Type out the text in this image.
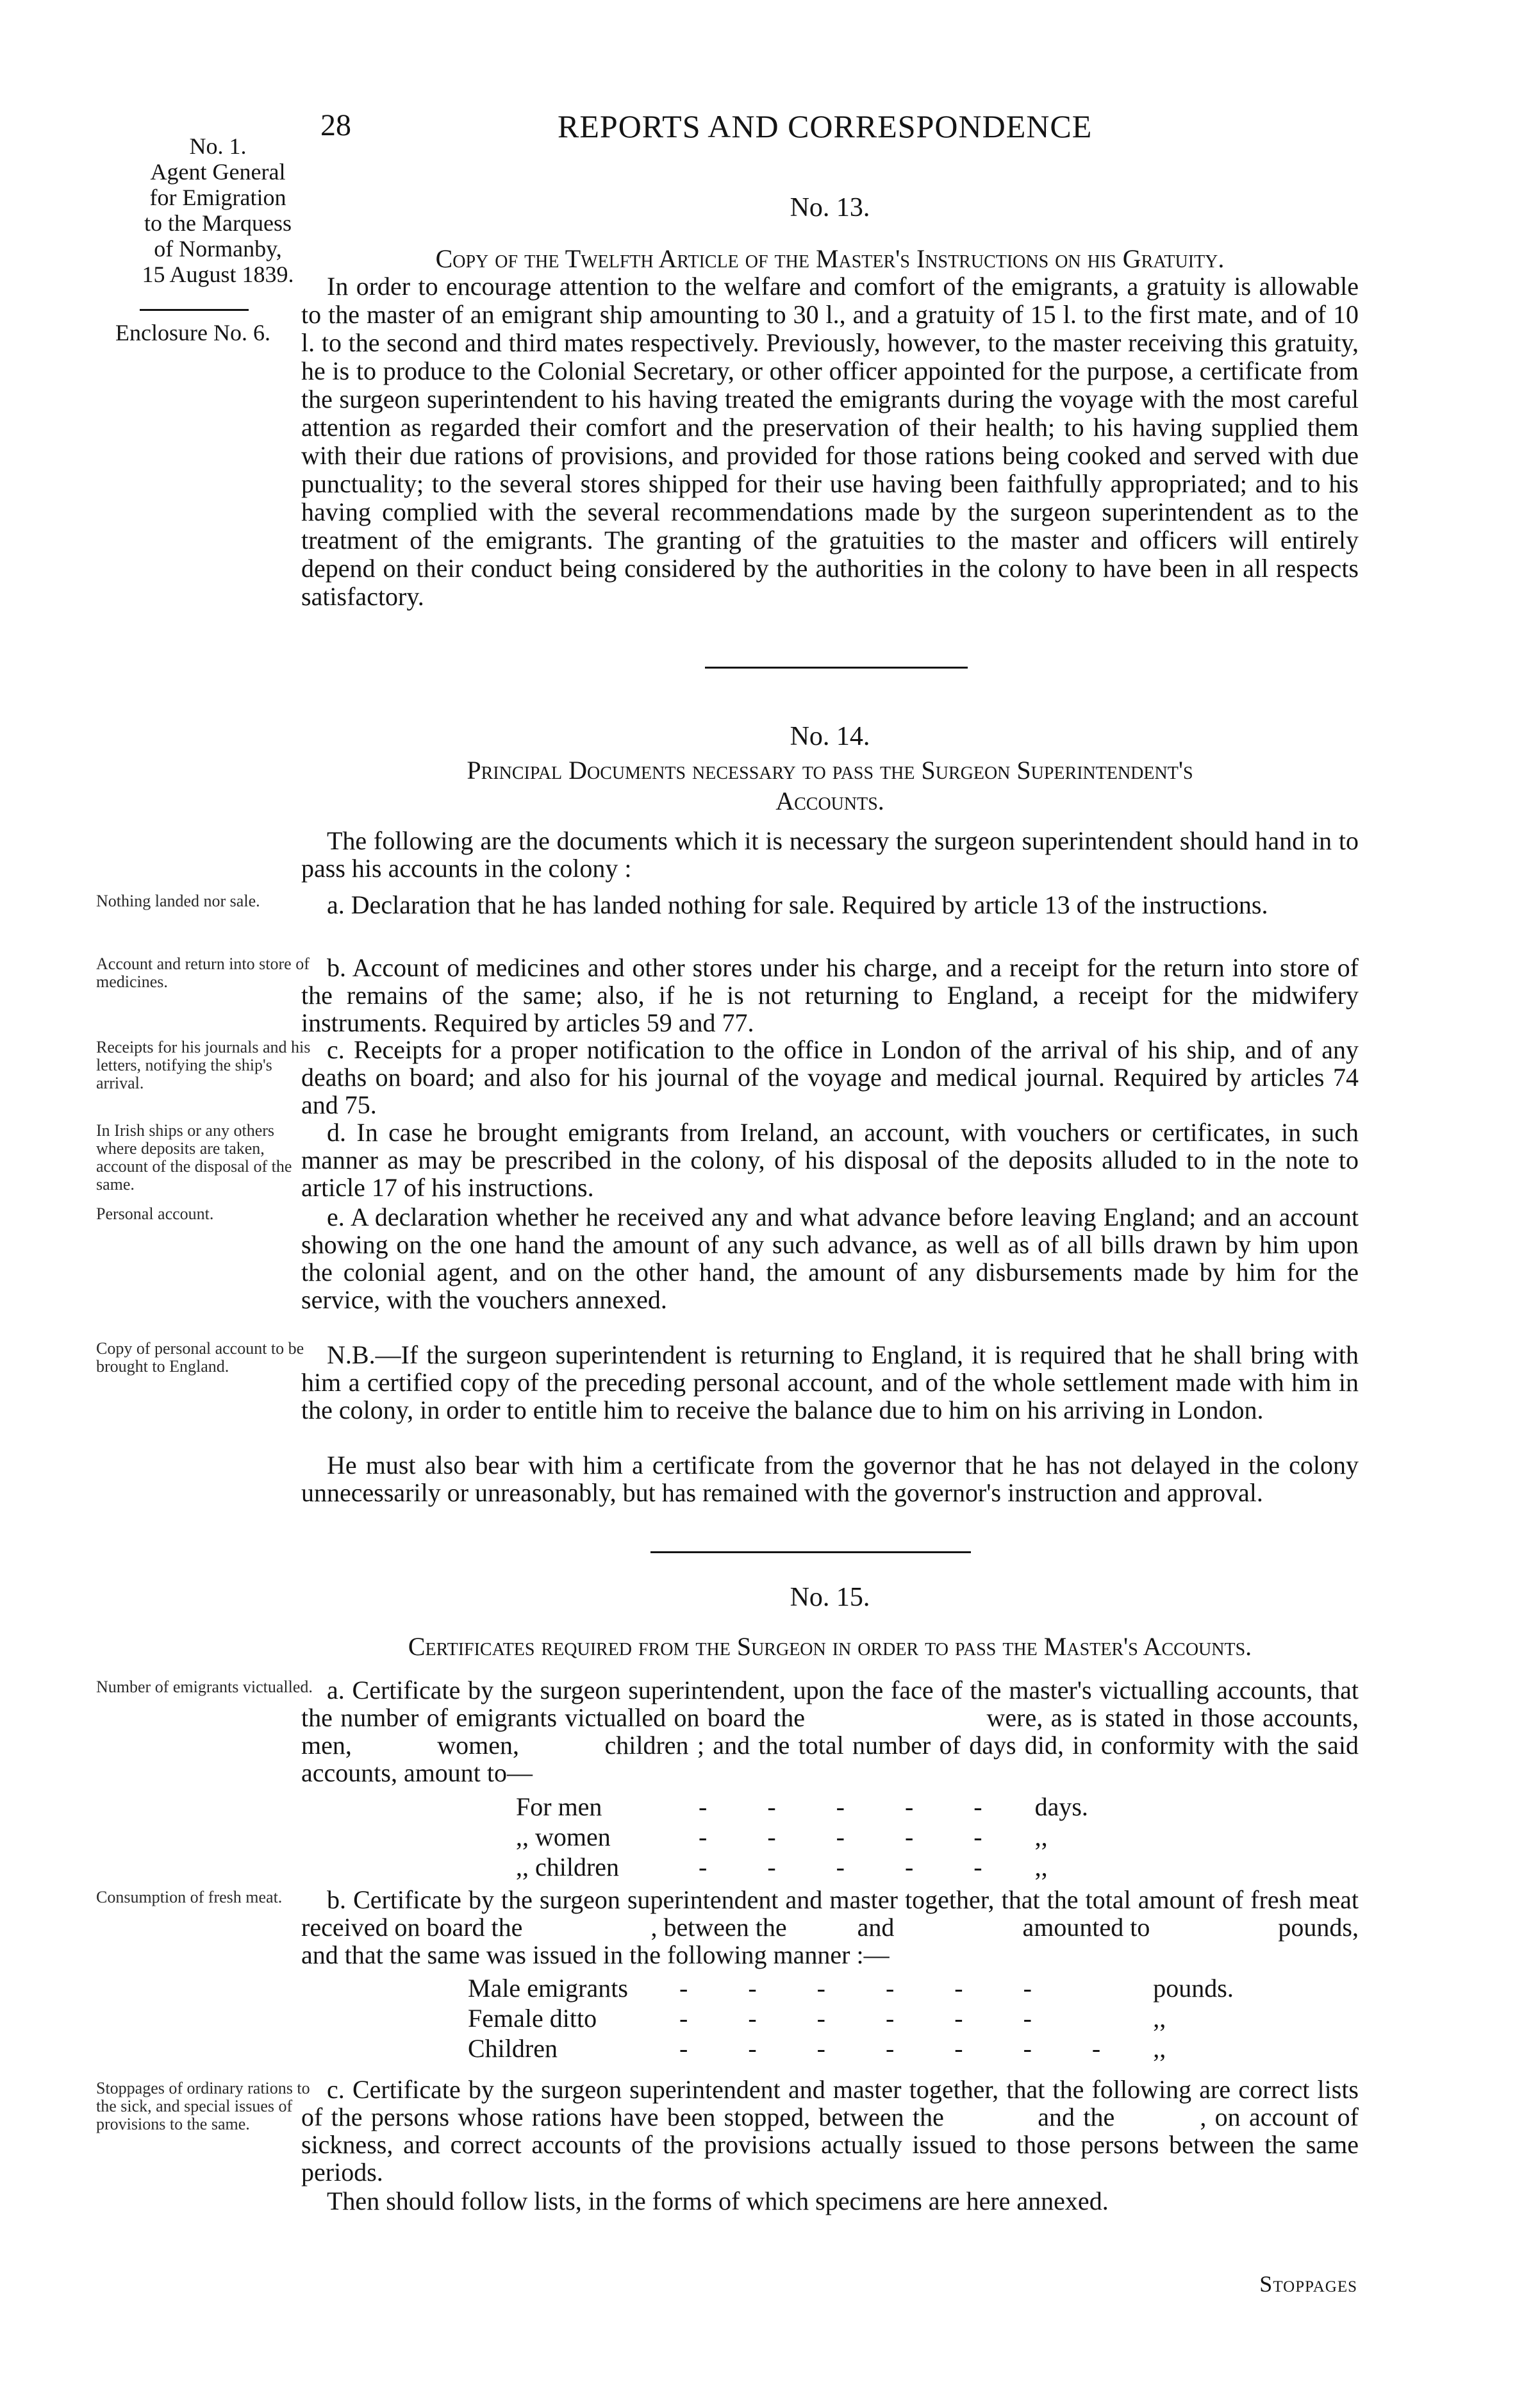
28	REPORTS AND CORRESPONDENCE
No. 1.
Agent General
for Emigration
to the Marquess
of Normanby,
15 August 1839.
Enclosure No. 6.
No. 13.
Copy of the Twelfth Article of the Master's Instructions on his Gratuity.

In order to encourage attention to the welfare and comfort of the emigrants, a gratuity is allowable to the master of an emigrant ship amounting to 30 l., and a gratuity of 15 l. to the first mate, and of 10 l. to the second and third mates respectively. Previously, however, to the master receiving this gratuity, he is to produce to the Colonial Secretary, or other officer appointed for the purpose, a certificate from the surgeon superintendent to his having treated the emigrants during the voyage with the most careful attention as regarded their comfort and the preservation of their health; to his having supplied them with their due rations of provisions, and provided for those rations being cooked and served with due punctuality; to the several stores shipped for their use having been faithfully appropriated; and to his having complied with the several recommendations made by the surgeon superintendent as to the treatment of the emigrants. The granting of the gratuities to the master and officers will entirely depend on their conduct being considered by the authorities in the colony to have been in all respects satisfactory.

No. 14.
Principal Documents necessary to pass the Surgeon Superintendent's
Accounts.

The following are the documents which it is necessary the surgeon superintendent should hand in to pass his accounts in the colony :

Nothing landed nor sale.	a. Declaration that he has landed nothing for sale. Required by article 13 of the instructions.

Account and return into store of medicines.	b. Account of medicines and other stores under his charge, and a receipt for the return into store of the remains of the same; also, if he is not returning to England, a receipt for the midwifery instruments. Required by articles 59 and 77.

Receipts for his journals and his letters, notifying the ship's arrival.

c. Receipts for a proper notification to the office in London of the arrival of his ship, and of any deaths on board; and also for his journal of the voyage and medical journal. Required by articles 74 and 75.

In Irish ships or any others where deposits are taken, account of the disposal of the same.

d. In case he brought emigrants from Ireland, an account, with vouchers or certificates, in such manner as may be prescribed in the colony, of his disposal of the deposits alluded to in the note to article 17 of his instructions.

Personal account.	e. A declaration whether he received any and what advance before leaving England; and an account showing on the one hand the amount of any such advance, as well as of all bills drawn by him upon the colonial agent, and on the other hand, the amount of any disbursements made by him for the service, with the vouchers annexed.

Copy of personal account to be brought to England.	N.B.—If the surgeon superintendent is returning to England, it is required that he shall bring with him a certified copy of the preceding personal account, and of the whole settlement made with him in the colony, in order to entitle him to receive the balance due to him on his arriving in London.

He must also bear with him a certificate from the governor that he has not delayed in the colony unnecessarily or unreasonably, but has remained with the governor's instruction and approval.

No. 15.
Certificates required from the Surgeon in order to pass the Master's Accounts.
Number of emigrants victualled. a. Certificate by the surgeon superintendent, upon the face of the master's victualling accounts, that the number of emigrants victualled on board the                       were, as is stated in those accounts,          men,          women,          children ; and the total number of days did, in conformity with the said accounts, amount to—

For men	- - - - -	days.
,, women	- - - - -	,,
,, children	- - - - -	,,
Consumption of fresh meat.	b. Certificate by the surgeon superintendent and master together, that the total amount of fresh meat received on board the                    , between the           and                    amounted to                    pounds, and that the same was issued in the following manner :—

Male emigrants	- - - - - -	pounds.
Female ditto	- - - - - -	,,
Children	- - - - - - -	,,
Stoppages of ordinary rations to the sick, and special issues of provisions to the same.

c. Certificate by the surgeon superintendent and master together, that the following are correct lists of the persons whose rations have been stopped, between the           and the          , on account of sickness, and correct accounts of the provisions actually issued to those persons between the same periods.

Then should follow lists, in the forms of which specimens are here annexed.

Stoppages
